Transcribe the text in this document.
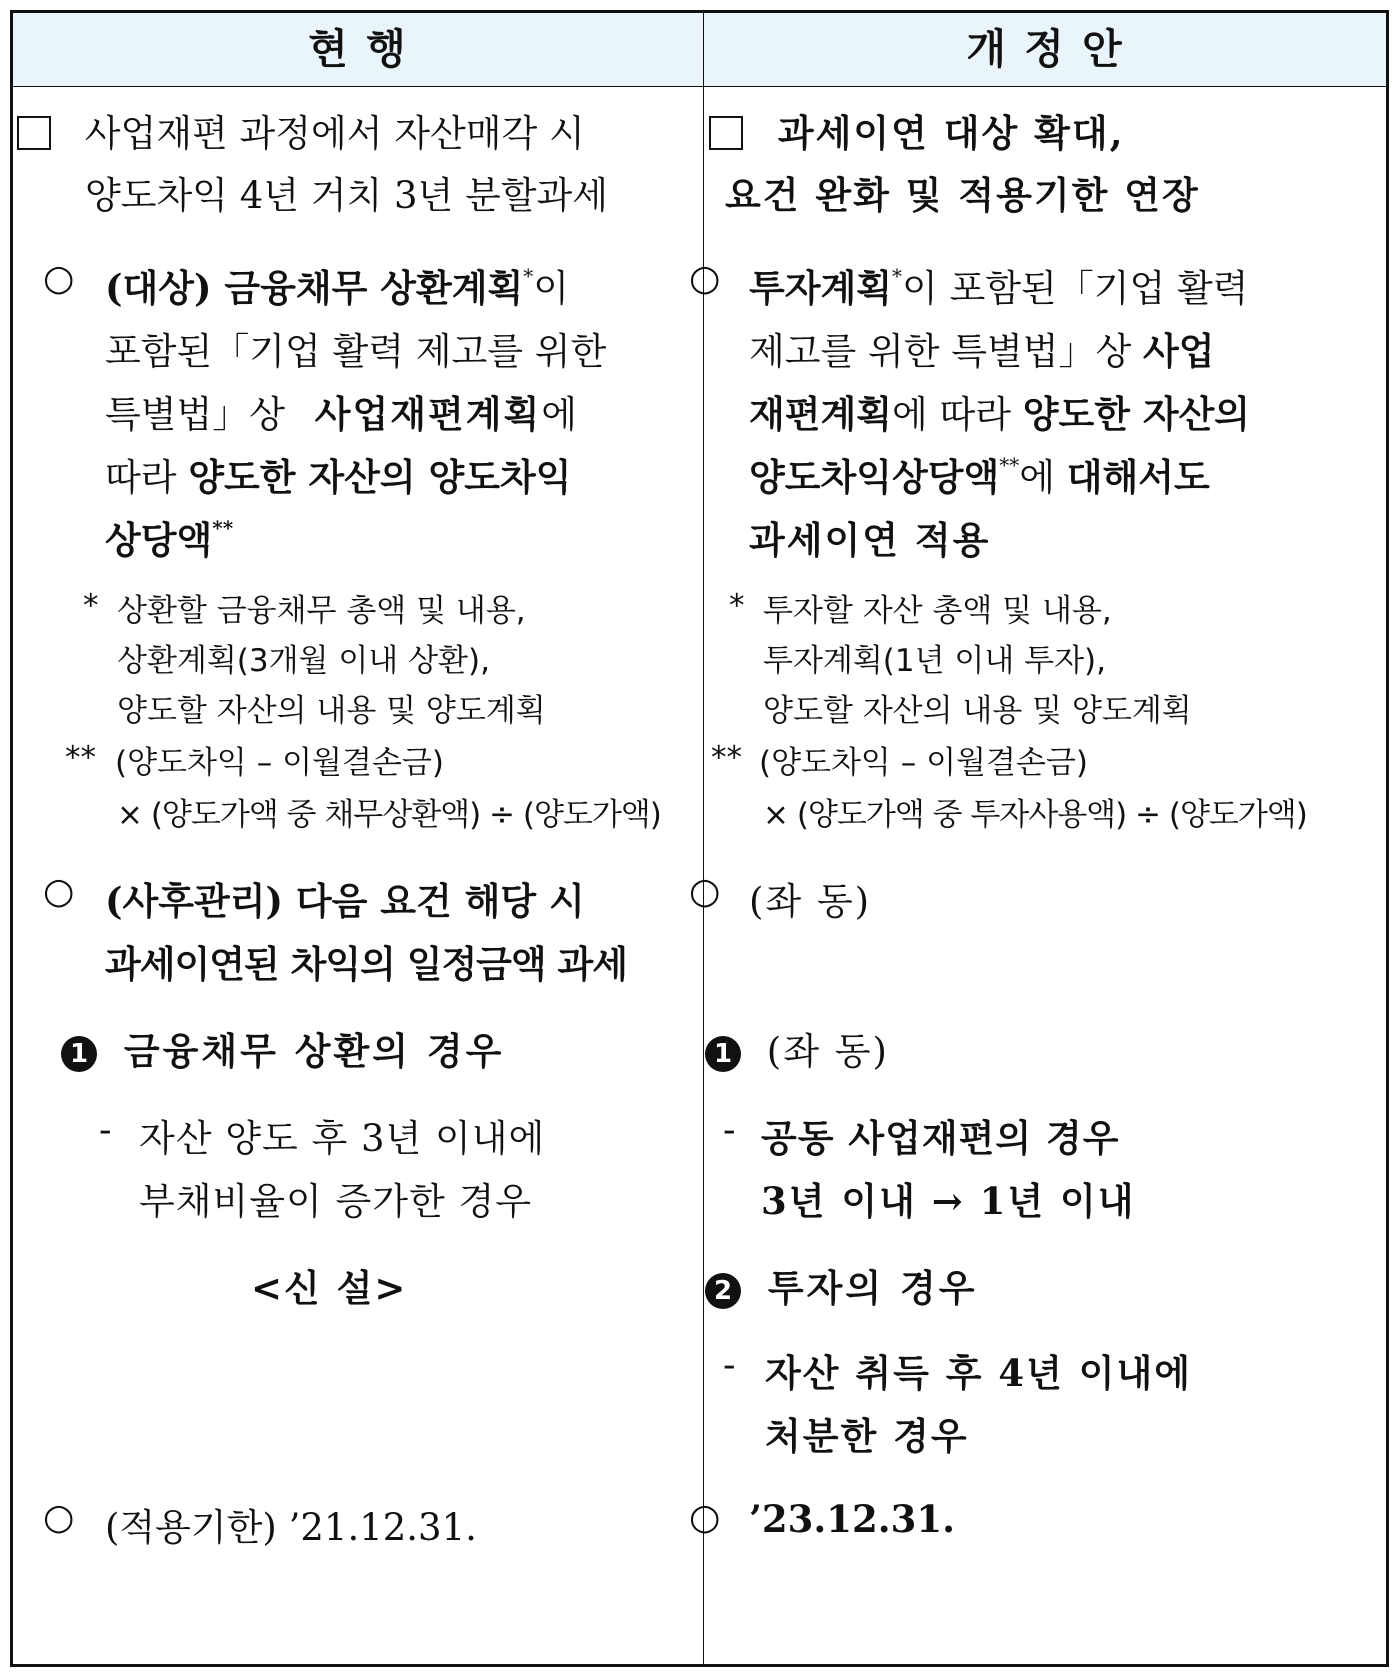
현 행	개 정 안
사업재편 과정에서 자산매각 시
양도차익 4년 거치 3년 분할과세
○ (대상) 금융채무 상환계획*이
포함된「기업 활력 제고를 위한
특별법」상 사업재편계획에
따라 양도한 자산의 양도차익
상당액**
* 상환할 금융채무 총액 및 내용,
상환계획(3개월 이내 상환),
양도할 자산의 내용 및 양도계획
** (양도차익 – 이월결손금)
× (양도가액 중 채무상환액) ÷ (양도가액)
○ (사후관리) 다음 요건 해당 시
과세이연된 차익의 일정금액 과세
1 금융채무 상환의 경우
- 자산 양도 후 3년 이내에
부채비율이 증가한 경우
<신 설>
○ (적용기한) ’21.12.31.
과세이연 대상 확대,
요건 완화 및 적용기한 연장
○ 투자계획*이 포함된「기업 활력
제고를 위한 특별법」상 사업
재편계획에 따라 양도한 자산의
양도차익상당액**에 대해서도
과세이연 적용
* 투자할 자산 총액 및 내용,
투자계획(1년 이내 투자),
양도할 자산의 내용 및 양도계획
** (양도차익 – 이월결손금)
× (양도가액 중 투자사용액) ÷ (양도가액)
○ (좌 동)
1 (좌 동)
- 공동 사업재편의 경우
3년 이내 → 1년 이내
2 투자의 경우
- 자산 취득 후 4년 이내에
처분한 경우
○ ’23.12.31.
